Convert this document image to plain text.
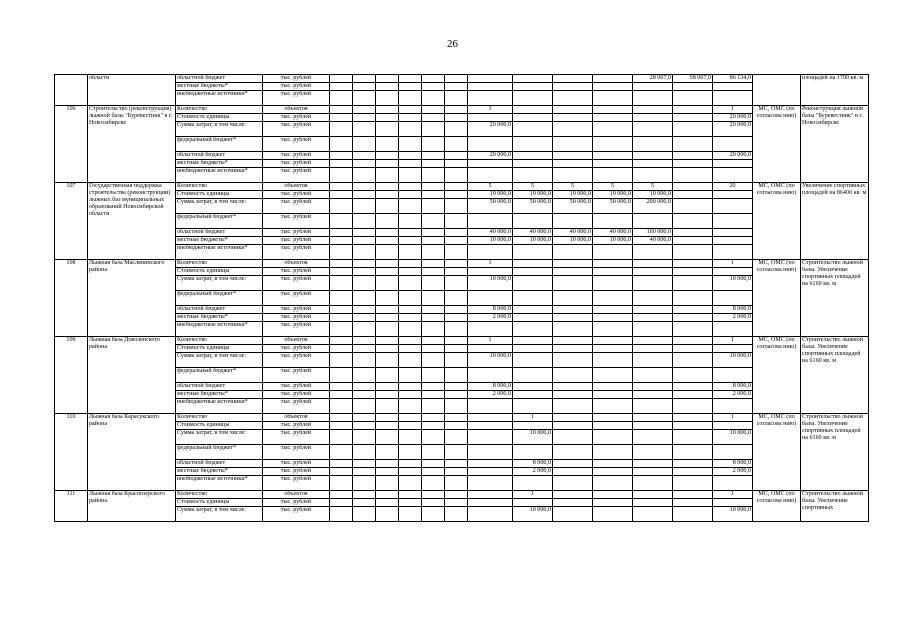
26
	области	областной бюджет	тыс. рублей											28 067,0	58 067,0	86 134,0		площадей на 1700 кв. м
		местные бюджеты*	тыс. рублей															
		внебюджетные источники*	тыс. рублей															
106	Строительство (реконструкция) лыжной базы "Буревестник" в г. Новосибирске	Количество	объектов							1						1	МС, ОМС (по согласова нию)	Реконструкция лыжной базы "Буревестник" в г. Новосибирске
		Стоимость единицы	тыс. рублей													20 000,0		
		Сумма затрат, в том числе:	тыс. рублей							20 000,0						20 000,0		
		федеральный бюджет*	тыс. рублей															
		областной бюджет	тыс. рублей							20 000,0						20 000,0		
		местные бюджеты*	тыс. рублей															
		внебюджетные источники*	тыс. рублей															
107	Государственная поддержка строительства (реконструкции) лыжных баз муниципальных образований Новосибирской области	Количество	объектов							5	5	5	5	5		20	МС, ОМС (по согласова нию)	Увеличение спортивных площадей на 86400 кв. м
		Стоимость единицы	тыс. рублей							10 000,0	10 000,0	10 000,0	10 000,0	10 000,0				
		Сумма затрат, в том числе:	тыс. рублей							50 000,0	50 000,0	50 000,0	50 000,0	200 000,0				
		федеральный бюджет*	тыс. рублей															
		областной бюджет	тыс. рублей							40 000,0	40 000,0	40 000,0	40 000,0	160 000,0				
		местные бюджеты*	тыс. рублей							10 000,0	10 000,0	10 000,0	10 000,0	40 000,0				
		внебюджетные источники*	тыс. рублей															
108	Лыжная база Маслянинского района	Количество	объектов							1						1	МС, ОМС (по согласова нию)	Строительство лыжной базы. Увеличение спортивных площадей на 6160 кв. м
		Стоимость единицы	тыс. рублей															
		Сумма затрат, в том числе:	тыс. рублей							10 000,0						10 000,0		
		федеральный бюджет*	тыс. рублей															
		областной бюджет	тыс. рублей							8 000,0						8 000,0		
		местные бюджеты*	тыс. рублей							2 000,0						2 000,0		
		внебюджетные источники*	тыс. рублей															
109	Лыжная база Доволенского района	Количество	объектов							1						1	МС, ОМС (по согласова нию)	Строительство лыжной базы. Увеличение спортивных площадей на 6160 кв. м
		Стоимость единицы	тыс. рублей															
		Сумма затрат, в том числе:	тыс. рублей							10 000,0						10 000,0		
		федеральный бюджет*	тыс. рублей															
		областной бюджет	тыс. рублей							8 000,0						8 000,0		
		местные бюджеты*	тыс. рублей							2 000,0						2 000,0		
		внебюджетные источники*	тыс. рублей															
110	Лыжная база Карасукского района	Количество	объектов								1					1	МС, ОМС (по согласова нию)	Строительство лыжной базы. Увеличение спортивных площадей на 6160 кв. м
		Стоимость единицы	тыс. рублей															
		Сумма затрат, в том числе:	тыс. рублей								10 000,0					10 000,0		
		федеральный бюджет*	тыс. рублей															
		областной бюджет	тыс. рублей								8 000,0					8 000,0		
		местные бюджеты*	тыс. рублей								2 000,0					2 000,0		
		внебюджетные источники*	тыс. рублей															
111	Лыжная база Краснозерского района	Количество	объектов								1					1	МС, ОМС (по согласова нию)	Строительство лыжной базы. Увеличение спортивных
		Стоимость единицы	тыс. рублей															
		Сумма затрат, в том числе:	тыс. рублей								10 000,0					10 000,0		
